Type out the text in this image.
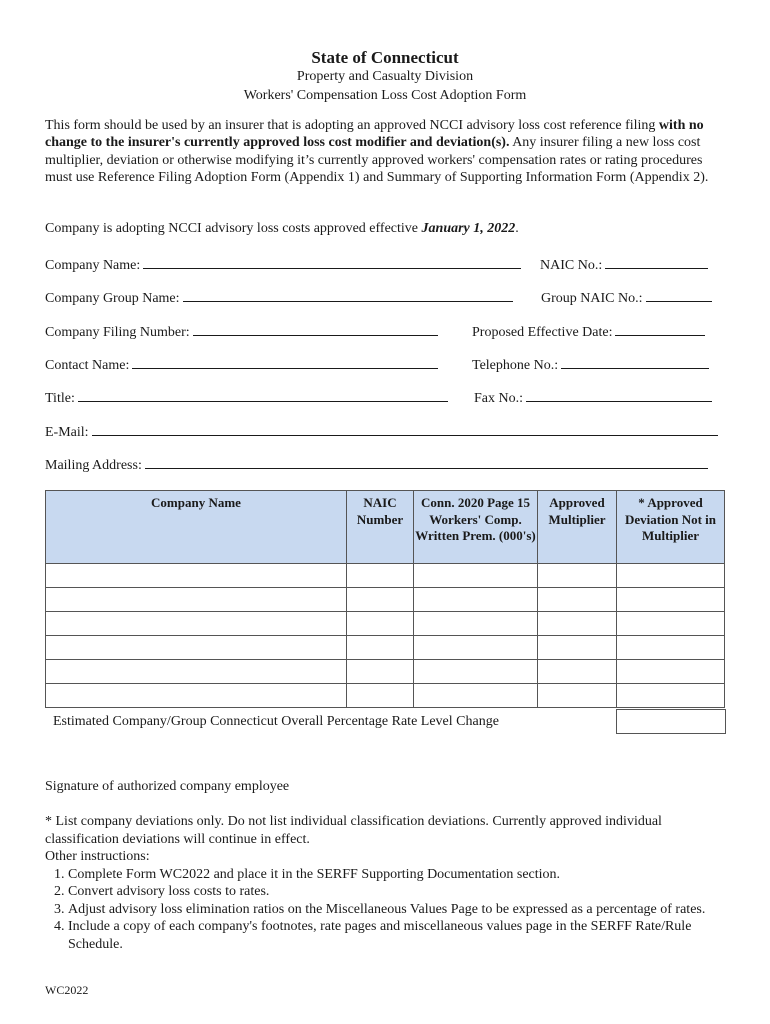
State of Connecticut
Property and Casualty Division
Workers' Compensation Loss Cost Adoption Form
This form should be used by an insurer that is adopting an approved NCCI advisory loss cost reference filing with no change to the insurer's currently approved loss cost modifier and deviation(s). Any insurer filing a new loss cost multiplier, deviation or otherwise modifying it’s currently approved workers' compensation rates or rating procedures must use Reference Filing Adoption Form (Appendix 1) and Summary of Supporting Information Form (Appendix 2).
Company is adopting NCCI advisory loss costs approved effective January 1, 2022.
Company Name:	NAIC No.:
Company Group Name:	Group NAIC No.:
Company Filing Number:	Proposed Effective Date:
Contact Name:	Telephone No.:
Title:	Fax No.:
E-Mail:
Mailing Address:
Company Name	NAIC Number	Conn. 2020 Page 15 Workers' Comp. Written Prem. (000's)	Approved Multiplier	* Approved Deviation Not in Multiplier

Estimated Company/Group Connecticut Overall Percentage Rate Level Change
Signature of authorized company employee
* List company deviations only. Do not list individual classification deviations. Currently approved individual classification deviations will continue in effect.
Other instructions:
1. Complete Form WC2022 and place it in the SERFF Supporting Documentation section.
2. Convert advisory loss costs to rates.
3. Adjust advisory loss elimination ratios on the Miscellaneous Values Page to be expressed as a percentage of rates.
4. Include a copy of each company's footnotes, rate pages and miscellaneous values page in the SERFF Rate/Rule Schedule.
WC2022
